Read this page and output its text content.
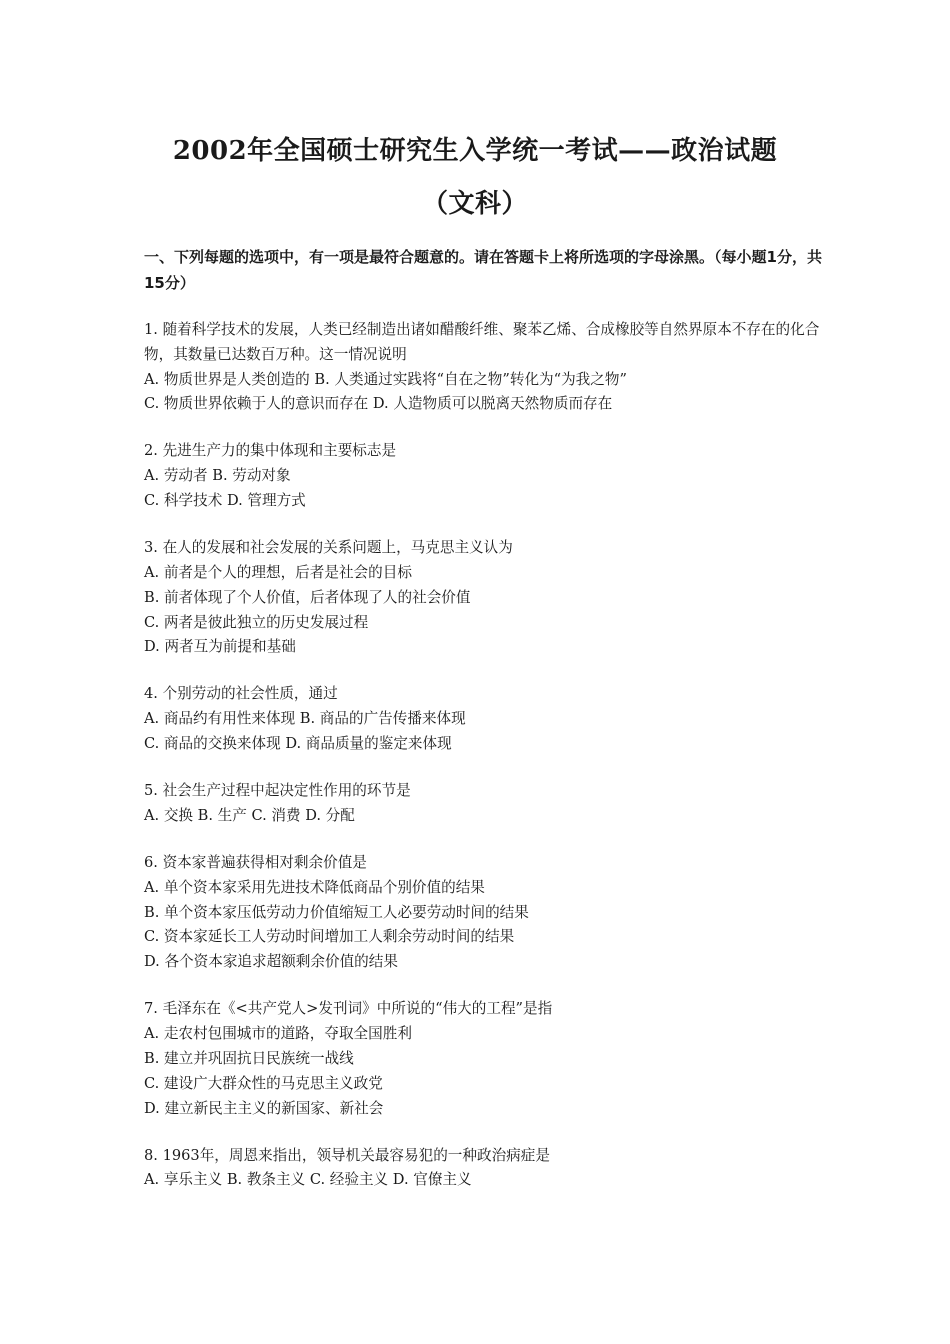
2002年全国硕士研究生入学统一考试——政治试题
（文科）
一、下列每题的选项中，有一项是最符合题意的。请在答题卡上将所选项的字母涂黑。（每小题1分，共15分）
1. 随着科学技术的发展，人类已经制造出诸如醋酸纤维、聚苯乙烯、合成橡胶等自然界原本不存在的化合物，其数量已达数百万种。这一情况说明
A. 物质世界是人类创造的 B. 人类通过实践将“自在之物”转化为“为我之物”
C. 物质世界依赖于人的意识而存在 D. 人造物质可以脱离天然物质而存在
2. 先进生产力的集中体现和主要标志是
A. 劳动者 B. 劳动对象
C. 科学技术 D. 管理方式
3. 在人的发展和社会发展的关系问题上，马克思主义认为
A. 前者是个人的理想，后者是社会的目标
B. 前者体现了个人价值，后者体现了人的社会价值
C. 两者是彼此独立的历史发展过程
D. 两者互为前提和基础
4. 个别劳动的社会性质，通过
A. 商品约有用性来体现 B. 商品的广告传播来体现
C. 商品的交换来体现 D. 商品质量的鉴定来体现
5. 社会生产过程中起决定性作用的环节是
A. 交换 B. 生产 C. 消费 D. 分配
6. 资本家普遍获得相对剩余价值是
A. 单个资本家采用先进技术降低商品个别价值的结果
B. 单个资本家压低劳动力价值缩短工人必要劳动时间的结果
C. 资本家延长工人劳动时间增加工人剩余劳动时间的结果
D. 各个资本家追求超额剩余价值的结果
7. 毛泽东在《<共产党人>发刊词》中所说的“伟大的工程”是指
A. 走农村包围城市的道路，夺取全国胜利
B. 建立并巩固抗日民族统一战线
C. 建设广大群众性的马克思主义政党
D. 建立新民主主义的新国家、新社会
8. 1963年，周恩来指出，领导机关最容易犯的一种政治病症是
A. 享乐主义 B. 教条主义 C. 经验主义 D. 官僚主义
